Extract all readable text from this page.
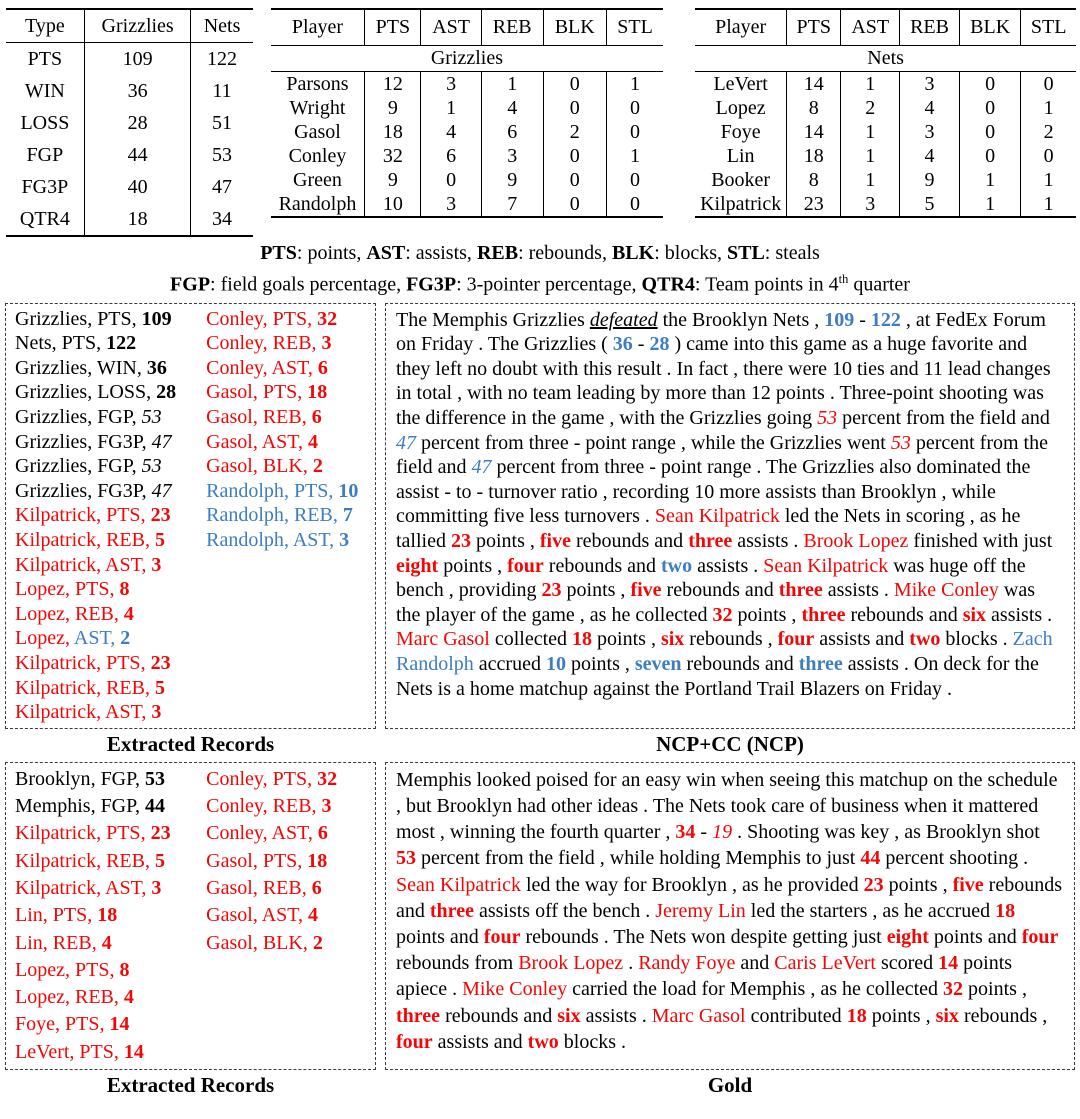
Type	Grizzlies	Nets
PTS	109	122
WIN	36	11
LOSS	28	51
FGP	44	53
FG3P	40	47
QTR4	18	34
Player	PTS	AST	REB	BLK	STL
Grizzlies					
Parsons	12	3	1	0	1
Wright	9	1	4	0	0
Gasol	18	4	6	2	0
Conley	32	6	3	0	1
Green	9	0	9	0	0
Randolph	10	3	7	0	0
Player	PTS	AST	REB	BLK	STL
Nets					
LeVert	14	1	3	0	0
Lopez	8	2	4	0	1
Foye	14	1	3	0	2
Lin	18	1	4	0	0
Booker	8	1	9	1	1
Kilpatrick	23	3	5	1	1
PTS: points, AST: assists, REB: rebounds, BLK: blocks, STL: steals
FGP: field goals percentage, FG3P: 3-pointer percentage, QTR4: Team points in 4th quarter
Grizzlies, PTS, 109
Nets, PTS, 122
Grizzlies, WIN, 36
Grizzlies, LOSS, 28
Grizzlies, FGP, 53
Grizzlies, FG3P, 47
Grizzlies, FGP, 53
Grizzlies, FG3P, 47
Kilpatrick, PTS, 23
Kilpatrick, REB, 5
Kilpatrick, AST, 3
Lopez, PTS, 8
Lopez, REB, 4
Lopez, AST, 2
Kilpatrick, PTS, 23
Kilpatrick, REB, 5
Kilpatrick, AST, 3
Conley, PTS, 32
Conley, REB, 3
Conley, AST, 6
Gasol, PTS, 18
Gasol, REB, 6
Gasol, AST, 4
Gasol, BLK, 2
Randolph, PTS, 10
Randolph, REB, 7
Randolph, AST, 3
The Memphis Grizzlies defeated the Brooklyn Nets , 109 - 122 , at FedEx Forum on Friday . The Grizzlies ( 36 - 28 ) came into this game as a huge favorite and they left no doubt with this result . In fact , there were 10 ties and 11 lead changes in total , with no team leading by more than 12 points . Three-point shooting was the difference in the game , with the Grizzlies going 53 percent from the field and 47 percent from three - point range , while the Grizzlies went 53 percent from the field and 47 percent from three - point range . The Grizzlies also dominated the assist - to - turnover ratio , recording 10 more assists than Brooklyn , while committing five less turnovers . Sean Kilpatrick led the Nets in scoring , as he tallied 23 points , five rebounds and three assists . Brook Lopez finished with just eight points , four rebounds and two assists . Sean Kilpatrick was huge off the bench , providing 23 points , five rebounds and three assists . Mike Conley was the player of the game , as he collected 32 points , three rebounds and six assists . Marc Gasol collected 18 points , six rebounds , four assists and two blocks . Zach Randolph accrued 10 points , seven rebounds and three assists . On deck for the Nets is a home matchup against the Portland Trail Blazers on Friday .
Extracted Records	NCP+CC (NCP)
Brooklyn, FGP, 53
Memphis, FGP, 44
Kilpatrick, PTS, 23
Kilpatrick, REB, 5
Kilpatrick, AST, 3
Lin, PTS, 18
Lin, REB, 4
Lopez, PTS, 8
Lopez, REB, 4
Foye, PTS, 14
LeVert, PTS, 14
Conley, PTS, 32
Conley, REB, 3
Conley, AST, 6
Gasol, PTS, 18
Gasol, REB, 6
Gasol, AST, 4
Gasol, BLK, 2
Memphis looked poised for an easy win when seeing this matchup on the schedule , but Brooklyn had other ideas . The Nets took care of business when it mattered most , winning the fourth quarter , 34 - 19 . Shooting was key , as Brooklyn shot 53 percent from the field , while holding Memphis to just 44 percent shooting . Sean Kilpatrick led the way for Brooklyn , as he provided 23 points , five rebounds and three assists off the bench . Jeremy Lin led the starters , as he accrued 18 points and four rebounds . The Nets won despite getting just eight points and four rebounds from Brook Lopez . Randy Foye and Caris LeVert scored 14 points apiece . Mike Conley carried the load for Memphis , as he collected 32 points , three rebounds and six assists . Marc Gasol contributed 18 points , six rebounds , four assists and two blocks .
Extracted Records	Gold
